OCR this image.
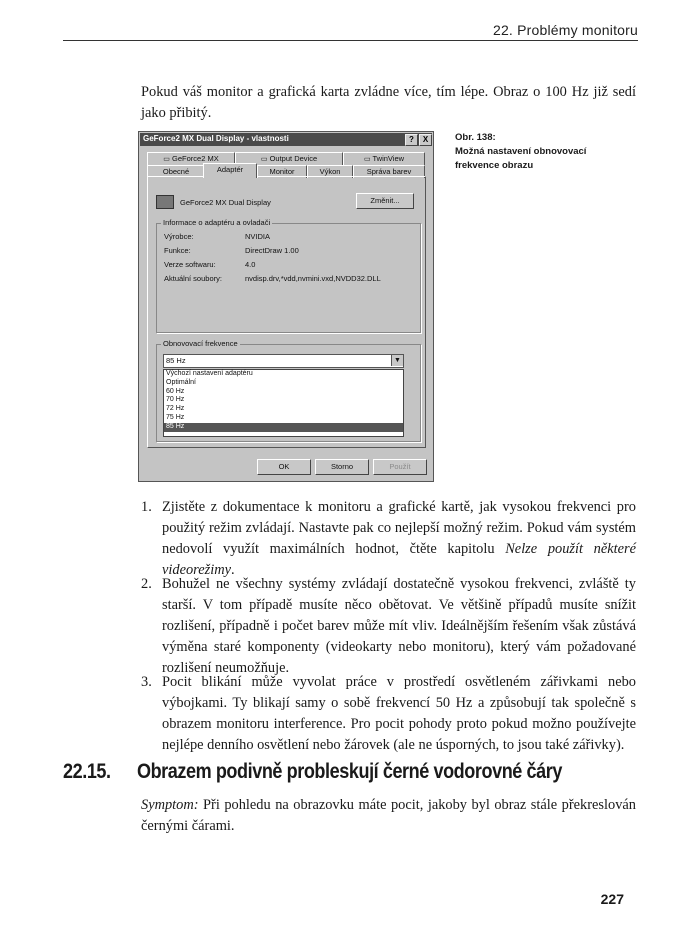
22. Problémy monitoru
Pokud váš monitor a grafická karta zvládne více, tím lépe. Obraz o 100 Hz již sedí jako přibitý.
GeForce2 MX Dual Display - vlastnosti	?	X
▭ GeForce2 MX	▭ Output Device	▭ TwinView
Obecné	Adaptér	Monitor	Výkon	Správa barev
GeForce2 MX Dual Display	Změnit...
Informace o adaptéru a ovladači
Výrobce:	NVIDIA
Funkce:	DirectDraw 1.00
Verze softwaru:	4.0
Aktuální soubory:	nvdisp.drv,*vdd,nvmini.vxd,NVDD32.DLL
Obnovovací frekvence
85 Hz	▼
Výchozí nastavení adaptéru
Optimální
60 Hz
70 Hz
72 Hz
75 Hz
85 Hz
OK	Storno	Použít
Obr. 138:
Možná nastavení obnovovací frekvence obrazu
1. Zjistěte z dokumentace k monitoru a grafické kartě, jak vysokou frekvenci pro použitý režim zvládají. Nastavte pak co nejlepší možný režim. Pokud vám systém nedovolí využít maximálních hodnot, čtěte kapitolu Nelze použít některé videorežimy.
2. Bohužel ne všechny systémy zvládají dostatečně vysokou frekvenci, zvláště ty starší. V tom případě musíte něco obětovat. Ve většině případů musíte snížit rozlišení, případně i počet barev může mít vliv. Ideálnějším řešením však zůstává výměna staré komponenty (videokarty nebo monitoru), který vám požadované rozlišení neumožňuje.
3. Pocit blikání může vyvolat práce v prostředí osvětleném zářivkami nebo výbojkami. Ty blikají samy o sobě frekvencí 50 Hz a způsobují tak společně s obrazem monitoru interference. Pro pocit pohody proto pokud možno používejte nejlépe denního osvětlení nebo žárovek (ale ne úsporných, to jsou také zářivky).
22.15. Obrazem podivně probleskují černé vodorovné čáry
Symptom: Při pohledu na obrazovku máte pocit, jakoby byl obraz stále překreslován černými čárami.
227
